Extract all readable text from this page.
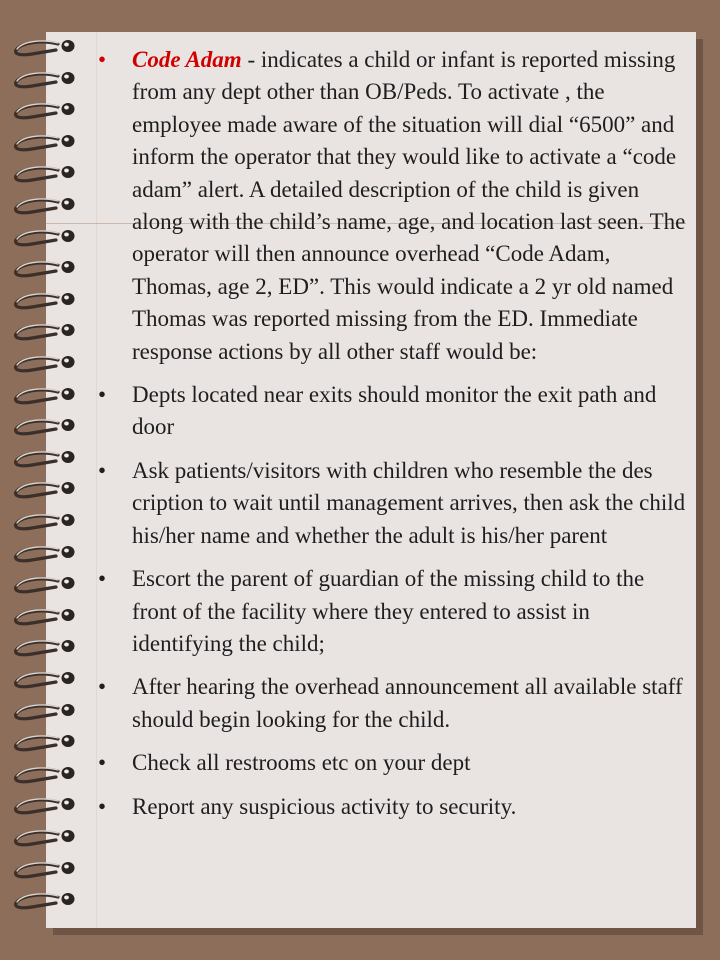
• Code Adam - indicates a child or infant is reported missing from any dept other than OB/Peds. To activate , the employee made aware of the situation will dial “6500” and inform the operator that they would like to activate a “code adam” alert. A detailed description of the child is given along with the child’s name, age, and location last seen. The operator will then announce overhead “Code Adam, Thomas, age 2, ED”. This would indicate a 2 yr old named Thomas was reported missing from the ED. Immediate response actions by all other staff would be:
• Depts located near exits should monitor the exit path and door
• Ask patients/visitors with children who resemble the des cription to wait until management arrives, then ask the child his/her name and whether the adult is his/her parent
• Escort the parent of guardian of the missing child to the front of the facility where they entered to assist in identifying the child;
• After hearing the overhead announcement all available staff should begin looking for the child.
• Check all restrooms etc on your dept
• Report any suspicious activity to security.
